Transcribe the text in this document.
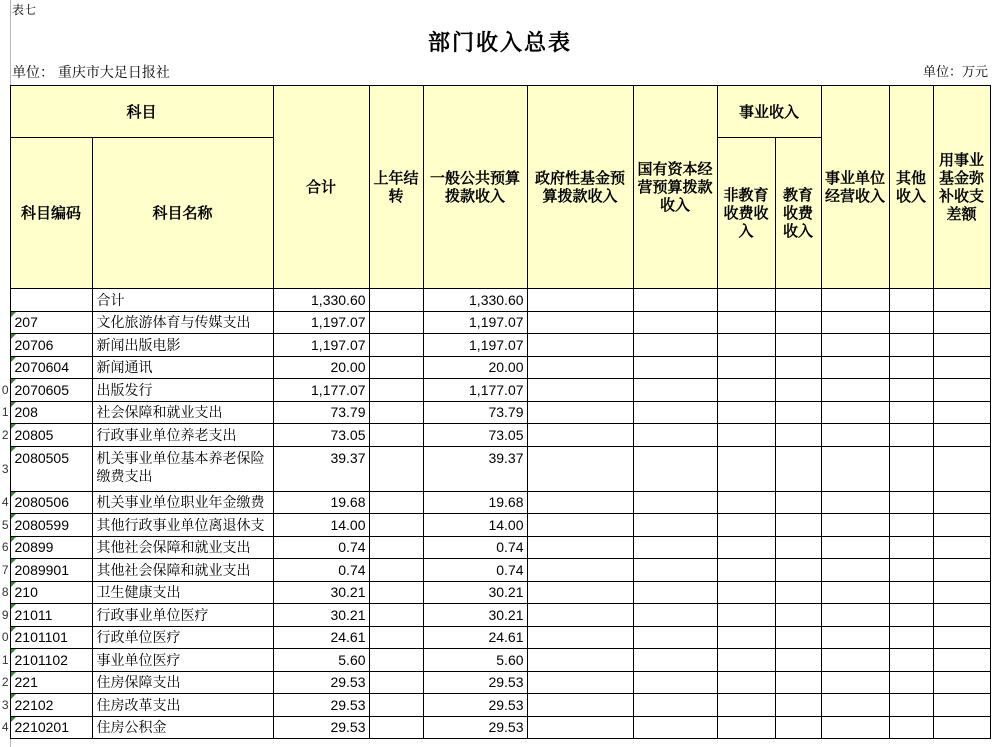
表七
部门收入总表
单位： 重庆市大足日报社	单位：万元
	科目		合计	上年结转	一般公共预算拨款收入	政府性基金预算拨款收入	国有资本经营预算拨款收入	事业收入		事业单位经营收入	其他收入	用事业基金弥补收支差额
	科目编码	科目名称						非教育收费收入	教育收费收入			
		合计	1,330.60		1,330.60							
	207	文化旅游体育与传媒支出	1,197.07		1,197.07							
	20706	新闻出版电影	1,197.07		1,197.07							
	2070604	新闻通讯	20.00		20.00							
0	2070605	出版发行	1,177.07		1,177.07							
1	208	社会保障和就业支出	73.79		73.79							
2	20805	行政事业单位养老支出	73.05		73.05							
3	2080505	机关事业单位基本养老保险缴费支出	39.37		39.37							
4	2080506	机关事业单位职业年金缴费	19.68		19.68							
5	2080599	其他行政事业单位离退休支	14.00		14.00							
6	20899	其他社会保障和就业支出	0.74		0.74							
7	2089901	其他社会保障和就业支出	0.74		0.74							
8	210	卫生健康支出	30.21		30.21							
9	21011	行政事业单位医疗	30.21		30.21							
0	2101101	行政单位医疗	24.61		24.61							
1	2101102	事业单位医疗	5.60		5.60							
2	221	住房保障支出	29.53		29.53							
3	22102	住房改革支出	29.53		29.53							
4	2210201	住房公积金	29.53		29.53							
